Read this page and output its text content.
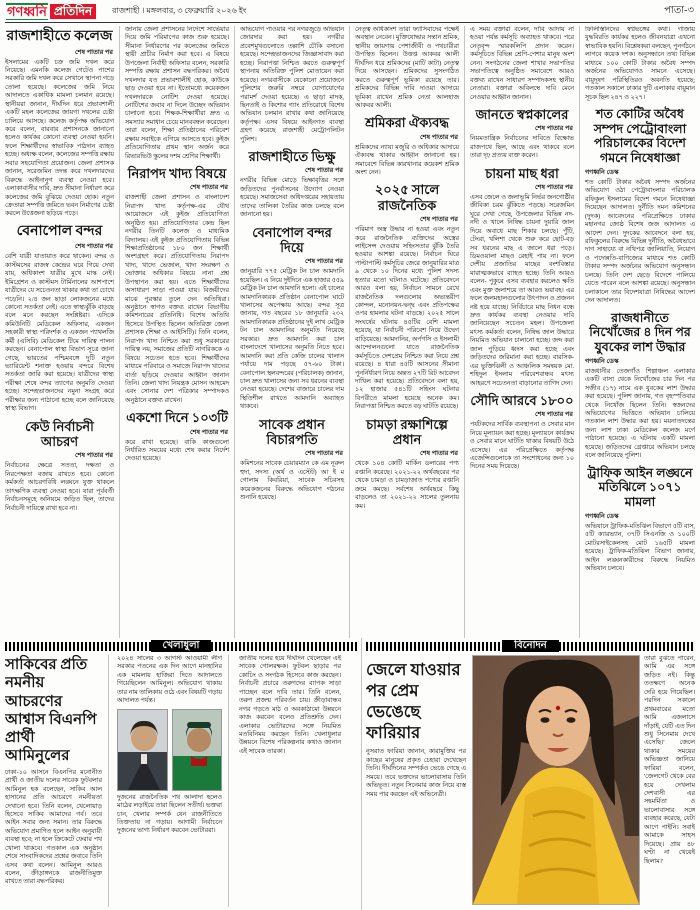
গণধ্বনি প্রতিদিন	রাজশাহী । মঙ্গলবার, ৩ ফেব্রুয়ারি ২০২৬ ইং	পাতা-৩
রাজশাহীতে কলেজ
শেষ পাতার পর

ইসলামের একটি চক্র জমি দখল করে নিয়েছে। এমনকি কলেজ গেটেও পাশের সরকারি জমি দখল করে সেখানে স্থাপনা গড়ে তোলা হয়েছে। কলেজের জমি নিয়ে আদালতে একাধিক মামলা চলমান রয়েছে। স্থানীয়রা জানান, দীর্ঘদিন ধরে প্রভাবশালী একটি মহল কলেজের জায়গা দখলের চেষ্টা চালিয়ে আসছে। কলেজ কর্তৃপক্ষ অভিযোগ করে বলেন, বারবার প্রশাসনকে জানানো হলেও কার্যকর কোনো ব্যবস্থা নেওয়া হয়নি। ফলে শিক্ষার্থীদের স্বাভাবিক পাঠদান ব্যাহত হচ্ছে। অধ্যক্ষ বলেন, কলেজের সম্পত্তি রক্ষায় সবার সহযোগিতা প্রয়োজন। জেলা প্রশাসক জানান, সরেজমিন তদন্ত করে দখলদারদের বিরুদ্ধে আইনানুগ ব্যবস্থা নেওয়া হবে। এলাকাবাসীর দাবি, দ্রুত সীমানা নির্ধারণ করে কলেজের জমি বুঝিয়ে দেওয়া হোক। নতুন ক্রেতারা সম্পত্তি জমিতে ভবন নির্মাণের চেষ্টা করলে উত্তেজনা ছড়িয়ে পড়ে।

বেনাপোল বন্দর
শেষ পাতার পর

বেশি যাত্রী যাতায়াত করে থাকেন। বন্দর ও কাস্টমসের রাজস্ব কেন্দ্রের ঘরে গিয়ে দেখা যায়, অধিকাংশ যাত্রীর মুখে মাস্ক নেই। ইমিগ্রেশন ও কাস্টমস টার্মিনালের আশপাশে যাত্রীদের যে সচেতনতা থাকার কথা তা চোখে পড়েনি। ২/৪ জন ছাড়া লোকজনের মধ্যে কোনো সতর্কতা নেই। এতে স্বাস্থ্যঝুঁকি বাড়ছে বলে মনে করছেন সংশ্লিষ্টরা। এদিকে কমিউনিটি মেডিকেল অফিসার, একজন সহকারী স্বাস্থ্য পরিদর্শক ও একজন প্যাথলজি কর্মী (এসিবি) মেডিকেল টিমে দায়িত্ব পালন করছেন। বেনাপোল স্বাস্থ্য বিভাগ সূত্রে জানা গেছে, ভারতের পশ্চিমবঙ্গে দুটি নতুন ভ্যারিয়েন্ট শনাক্ত হওয়ায় বন্দরে বিশেষ সতর্কতা জারি করা হয়েছে। যাত্রীদের স্বাস্থ্য পরীক্ষা শেষে বন্দর ত্যাগের অনুমতি দেওয়া হচ্ছে। সন্দেহভাজনদের নমুনা সংগ্রহ করে পরীক্ষার জন্য পাঠানো হচ্ছে বলে জানিয়েছে স্বাস্থ্য বিভাগ।

কেউ নির্বাচনী আচরণ
শেষ পাতার পর

নির্বাচনের ক্ষেত্রে সততা, দক্ষতা ও নিরপেক্ষতা বজায় রাখতে হবে। কোনো কর্মকর্তা আচরণবিধি লঙ্ঘনে যুক্ত থাকলে তাৎক্ষণিক ব্যবস্থা নেওয়া হবে। যারা পূর্ববর্তী নির্বাচনসমূহে অনিয়মে জড়িত ছিল, তাদের নির্বাচনী দায়িত্বে রাখা হবে না।

জানায় জেলা প্রশাসনের নির্দেশে সার্ভেয়ার দিয়ে জমি পরিমাপের কাজ শুরু হয়েছে। সীমানা নির্ধারণের পর কলেজের জমিতে স্থায়ী প্রাচীর নির্মাণ করা হবে। এ বিষয়ে উপজেলা নির্বাহী অফিসার বলেন, সরকারি সম্পত্তি রক্ষায় প্রশাসন বদ্ধপরিকর। অবৈধ দখলদার যত প্রভাবশালীই হোক, কাউকে ছাড় দেওয়া হবে না। ইতোমধ্যে কয়েকজন দখলদারকে নোটিশ দেওয়া হয়েছে। নোটিশের জবাব না দিলে উচ্ছেদ অভিযান চালানো হবে। শিক্ষক-শিক্ষার্থীরা দ্রুত এ সমস্যার সমাধান চেয়ে মানববন্ধন করেছেন। তারা বলেন, শিক্ষা প্রতিষ্ঠানের পরিবেশ রক্ষায় সবাইকে এগিয়ে আসতে হবে। কুইজ প্রতিযোগিতায় প্রথম স্থান অর্জন করে রিভারভিউ স্কুলের দশম শ্রেণির শিক্ষার্থী।

নিরাপদ খাদ্য বিষয়ে
শেষ পাতার পর

রাজশাহী জেলা প্রশাসন ও বাংলাদেশ নিরাপদ খাদ্য কর্তৃপক্ষ-এর যৌথ আয়োজনে এই কুইজ প্রতিযোগিতা অনুষ্ঠিত হয়। প্রতিযোগিতার কেন্দ্র ছিল নগরীর তিনটি কলেজ ও মাধ্যমিক বিদ্যালয়। এই কুইজ প্রতিযোগিতায় বিভিন্ন শিক্ষাপ্রতিষ্ঠানের ১৮০ জন শিক্ষার্থী অংশগ্রহণ করে। প্রতিযোগিতায় নিরাপদ খাদ্য, খাদ্যে ভেজাল, খাদ্য সংরক্ষণ ও ভোক্তার অধিকার বিষয়ে নানা প্রশ্ন উপস্থাপন করা হয়। এতে শিক্ষার্থীদের অসাধারণ সাড়া পাওয়া যায়। বিজয়ীদের মাঝে পুরস্কার তুলে দেন অতিথিরা। অনুষ্ঠানে স্বাগত বক্তব্য রাখেন বিভাগীয় কমিশনারের প্রতিনিধি। বিশেষ অতিথি হিসেবে উপস্থিত ছিলেন অতিরিক্ত জেলা প্রশাসক (শিক্ষা ও আইসিটি)। তিনি বলেন, নিরাপদ খাদ্য নিশ্চিত করা শুধু সরকারের দায়িত্ব নয়, সমাজের প্রতিটি নাগরিককে এ বিষয়ে সচেতন হতে হবে। শিক্ষার্থীদের মাধ্যমে পরিবারে ও সমাজে নিরাপদ খাদ্যের বার্তা ছড়িয়ে দেওয়ার আহ্বান জানান তিনি। জেলা খাদ্য নিয়ন্ত্রক মোসন আহমেদ এবং সোনার দেশ পত্রিকার সম্পাদকও অনুষ্ঠানে বক্তব্য রাখেন।

একশো দিনে ১০৩টি
শেষ পাতার পর

করে রাখা হয়েছে। বাকি কাজগুলো নির্ধারিত সময়ের মধ্যে শেষ করার নির্দেশ দেওয়া হয়েছে।

অভিযোগ পাওয়ার পর নগরজুড়ে অভিযান জোরদার করা হয়। নগরীর প্রবেশমুখগুলোতে তল্লাশি চৌকি বসানো হয়েছে। সন্দেহভাজনদের জিজ্ঞাসাবাদ করা হচ্ছে। নিরাপত্তা নিশ্চিত করতে গুরুত্বপূর্ণ স্থাপনায় অতিরিক্ত পুলিশ মোতায়েন করা হয়েছে। নগরবাসীকে যেকোনো প্রয়োজনে পুলিশের জরুরি নম্বরে যোগাযোগের পরামর্শ দেওয়া হয়েছে। এ ছাড়া মাদক, ছিনতাই ও কিশোর গ্যাং প্রতিরোধে বিশেষ অভিযান চলমান রাখার কথা জানিয়েছে কর্তৃপক্ষ। এসব বিষয়ে আইনগত ব্যবস্থা গ্রহণ করেছে রাজশাহী মেট্রোপলিটন পুলিশ।

রাজশাহীতে ভিক্ষু
শেষ পাতার পর

নগরীর বিভিন্ন মোড়ে ভিক্ষাবৃত্তির সঙ্গে জড়িতদের পুনর্বাসনের উদ্যোগ নেওয়া হয়েছে। সমাজসেবা অধিদপ্তরের সহায়তায় তাদের তালিকা তৈরির কাজ চলছে বলে জানানো হয়।

বেনাপোল বন্দর দিয়ে
শেষ পাতার পর

জানুয়ারি ৭৭৫ মেট্রিক টন চাল আমদানি হয়েছিল। এ নিয়ে দুইদিনে এক হাজার ৫৫৯ মেট্রিক টন চাল আমদানি হলো। এই চালের আমদানিকারক প্রতিষ্ঠান বেনাপোল ঘাটে খালাসের অপেক্ষায় আছে। বন্দর সূত্র জানায়, গত বছরের ১৮ জানুয়ারি ২৩২ আমদানিকারক প্রতিষ্ঠানের দুই লাখ মেট্রিক টন চাল আমদানির অনুমতি নিয়েছে সরকার। দ্রুত আমদানি করা চাল বাংলাদেশে খালাসের অনুমতি নিতে হবে। আমদানি করা প্রতি কেজি চালের খালাস পর্যায়ে দাম পড়ছে ৫৭-৬০ টাকা। বেনাপোল স্থলবন্দরের (পরিচালক) জানান, চাল দ্রুত খালাসের জন্য সব ধরনের ব্যবস্থা নেওয়া হয়েছে। দেশের বাজারে চালের দাম স্থিতিশীল রাখতে আমদানি অব্যাহত থাকবে।

সাবেক প্রধান বিচারপতি
শেষ পাতার পর

কমিশনের সাবেক চেয়ারম্যান কে এম নূরুল হুদা, সদস্য (অর্থ ও এস্টেট) আ ই ম গোলাম কিবরিয়া, সাবেক সচিবসহ কয়েকজনের বিরুদ্ধে অভিযোগ গঠনের শুনানি হয়েছে।

নেতৃত্ব অধিকাংশ তারা ফ্যাসিবাদের পক্ষেই অবস্থান নেবেন। মুক্তিযোদ্ধার সন্তান শ্রমিক, স্থানীয় জায়গায় পেশাজীবী ও পথচারীরা উপস্থিত ছিলেন। উত্তপ্ত আকবর আলী দীর্ঘদিন ধরে শ্রমিকদের (মাটি কাটা) নেতৃত্ব দিয়ে আসছেন। শ্রমিকদের সুসংগঠিত করতে গুরুত্বপূর্ণ ভূমিকা রয়েছে তার। শ্রমিকদের বিভিন্ন দাবি দাওয়া আদায়ে ভূমিকা রাখেন শ্রমিক নেতা আলহাজ আকবর আলী।

শ্রমিকরা ঐক্যবদ্ধ
শেষ পাতার পর

শ্রমিকদের ন্যায্য মজুরি ও অধিকার আদায়ে ঐক্যবদ্ধ থাকার আহ্বান জানানো হয়। সমাবেশে বিভিন্ন কারখানার কয়েকশ শ্রমিক অংশ নেন।

২০২৫ সালে রাজনৈতিক
শেষ পাতার পর

পরিমাণ অস্ত্র উদ্ধার না হওয়া এবং নতুন করে রাজনৈতিক ব্যক্তিদের অস্ত্রের লাইসেন্স দেওয়ায় সহিংসতার ঝুঁকি তৈরি হওয়ার আশঙ্কা রয়েছে। নির্বাচন ঘিরে পাল্টাপাল্টি কর্মসূচির জেরে জানুয়ারির মাত্র ৯ থেকে ১০ দিনের মধ্যে পুলিশ সদস্য হত্যার মতো ঘটনাও ঘটেছে। প্রতিবেদনে আরও বলা হয়, নির্বাচন সামনে রেখে রাজনৈতিক দলগুলোর অভ্যন্তরীণ কোন্দল, মনোনয়ন-দ্বন্দ্ব এবং প্রতিপক্ষের ওপর হামলার ঘটনা বাড়ছে। ২০২৫ সালে সংঘর্ষের ঘটনায় ৪৫টির বেশি মামলা হয়েছে, যা নির্বাচনী পরিবেশ নিয়ে উদ্বেগ বাড়িয়েছে। আমদানির, অর্পণসি ও ইসলামী আন্দোলনগুলো যাতে রাজনৈতিক কর্মসূচিতে দেশপ্রেম নিশ্চিত করা নিয়ে প্রশ্ন রয়েছে। ৪ ধারা ৪৫টি আসনের সীমানা পুনর্নির্ধারণ নিয়ে অন্তত ২৭টি রিট আবেদন দাখিল করা হয়েছে। প্রতিবেদনে বলা হয়, ১২ হাজার ৫৪১টি সহিংস ঘটনার বিপরীতে মামলা হয়েছে অনেক কম। নিরাপত্তা নিশ্চিত করতে বড় ঘাটতি রয়েছে।

চামড়া রক্ষাশিল্পে প্রধান
শেষ পাতার পর

থেকে ১০৪ কোটি মার্কিন ডলারের পণ্য রপ্তানি করেছে। ২০২১-২২ অর্থবছরের পর থেকে চামড়া ও চামড়াজাত পণ্যের রপ্তানি ক্রমে কমছে। সর্বশেষ অর্থবছরে কিছু বাড়লেও তা ২০২১-২২ সালের তুলনায় কম।

এ সময় বক্তারা বলেন, দাবি আদায় না হওয়া পর্যন্ত কর্মসূচি অব্যাহত থাকবে। পরে নেতৃবৃন্দ স্মারকলিপি প্রদান করেন। কর্মসূচিতে বিভিন্ন শ্রেণি-পেশার মানুষ অংশ নেন। সংগঠনের জেলা শাখার সভাপতির সভাপতিত্বে অনুষ্ঠিত সমাবেশে আরও বক্তব্য রাখেন সাধারণ সম্পাদকসহ স্থানীয় নেতারা। বক্তারা অবিলম্বে দাবি মেনে নেওয়ার আহ্বান জানান।

জানতে স্বপ্নকালের
শেষ পাতার পর

নিয়মতান্ত্রিক নির্বাচনের দাবিতে বিক্ষোভ রাজপথে ছিল, আছে এবং থাকবে বলে তারা দৃঢ় প্রত্যয় ব্যক্ত করেন।

চায়না মাছ ধরা
শেষ পাতার পর

এসব জেলে ও জলাভূমি নির্ভর জনগোষ্ঠীর জীবিকা চরম ঝুঁকিতে পড়ছে। সরেজমিন ঘুরে দেখা গেছে, উপজেলার বিভিন্ন নদ-নদী ও খালে নিষিদ্ধ চায়না দুয়ারি জাল দিয়ে অবাধে মাছ শিকার চলছে। পুঁটি, টেংরা, খলিশা থেকে শুরু করে ছোট-বড় সব ধরনের মাছ এ জালে ধরা পড়ে। ডিমওয়ালা মাছও রেহাই পায় না। ফলে দেশীয় প্রজাতির মাছের বংশবিস্তার মারাত্মকভাবে ব্যাহত হচ্ছে। তিনি আরও বলেন- পুকুরে এসব ব্যবহার করলেও ক্ষতি এবং মুক্ত জলাশয়ে তা আরও ভয়াবহ। এর ফলে জলমহালগুলোর উৎপাদন ও প্রজনন নষ্ট হয়ে যাচ্ছে। নির্বিচারে মাছ নিধন বন্ধে দ্রুত কার্যকর ব্যবস্থা নেওয়ার দাবি জানিয়েছেন সচেতন মহল। উপজেলা মৎস্য কর্মকর্তা বলেন, নিষিদ্ধ জাল উদ্ধারে নিয়মিত অভিযান চালানো হচ্ছে। জব্দ করা জাল পুড়িয়ে ধ্বংস করা হচ্ছে এবং জড়িতদের জরিমানা করা হচ্ছে। বারসিক-এর ভুক্তিঝিলী ও আঞ্চলিক সমন্বয়ক মো. শহিদুল ইসলাম পরিবেশবান্ধব মৎস্য আহরণে সচেতনতা বাড়ানোর তাগিদ দেন।

সৌদি আরবে ১৮০০
শেষ পাতার পর

পর্যটকদের সার্বিক ব্যবস্থাপনা ও সেবার মান নিয়ে মূল্যায়ন করা হচ্ছে। মূল্যায়নে কার্যক্রম ও সেবার মানে ঘাটতি থাকার বিষয়টি উঠে এসেছে। এর পরিপ্রেক্ষিতে কর্তৃপক্ষ এজেন্সিগুলোকে তা সংশোধনের জন্য ১০ দিনের সময় দিয়েছে।

ফিলিস্তিনিদের স্বপ্নভঙ্গের কথা। গাজায় যুদ্ধবিরতি কার্যকর হলেও জীবনযাত্রা এখনো স্বাভাবিক হয়নি। বিশ্লেষকরা বলছেন, পুনর্গঠনে লাগবে কয়েক দশক। অনুসন্ধানে তথ্য বিভিন্ন মাধ্যমে ১০০ কোটি টাকার অবৈধ সম্পদ অর্জনের অভিযোগও সামনে এসেছে। বায়ুদূষণ পরিস্থিতিরও অবনতি হয়েছে; গতকাল সকালে ঢাকার দুটি এলাকার বায়ুমান সূচক ছিল ২৪৭ ও ২২৭।

শত কোটির অবৈধ সম্পদ পেট্রোবাংলা পরিচালকের বিদেশ গমনে নিষেধাজ্ঞা
গণধ্বনি ডেস্ক

শত কোটি টাকার অবৈধ সম্পদ অর্জনের অভিযোগ ওঠা পেট্রোবাংলার পরিচালক রফিকুল ইসলামের বিদেশ গমনে নিষেধাজ্ঞা দিয়েছেন আদালত। দুর্নীতি দমন কমিশনের (দুদক) আবেদনের পরিপ্রেক্ষিতে ঢাকার মহানগর জ্যেষ্ঠ বিশেষ জজ আদালত এ আদেশ দেন। দুদকের আবেদনে বলা হয়, রফিকুলের বিরুদ্ধে বিভিন্ন দুর্নীতি, অবৈধভাবে দাগ সাহায্যে বা নথিপত্র জালিয়াতি, নিয়োগ ও পদোন্নতি-বাণিজ্যের মাধ্যমে শত কোটি টাকার সম্পদ অর্জনের অভিযোগ অনুসন্ধান চলছে। তিনি দেশ ছেড়ে বিদেশে পালিয়ে যেতে পারেন বলে আশঙ্কা রয়েছে। অনুসন্ধান চলাকালে তার বিদেশযাত্রা নিষিদ্ধের আদেশ দেন আদালত।

রাজধানীতে নিখোঁজের ৪ দিন পর যুবকের লাশ উদ্ধার
গণধ্বনি ডেস্ক

রাজধানীর তেজগাঁও শিল্পাঞ্চল এলাকার একটি বাসা থেকে নিখোঁজের চার দিন পর সজীব (১৭) নামে এক যুবকের লাশ উদ্ধার করা হয়েছে। পুলিশ জানায়, গত বৃহস্পতিবার থেকে নিখোঁজ ছিলেন তিনি। স্বজনদের অভিযোগের ভিত্তিতে অভিযান চালিয়ে গতকাল লাশ উদ্ধার করা হয়। ময়নাতদন্তের জন্য লাশ ঢাকা মেডিকেল কলেজ মর্গে পাঠানো হয়েছে। এ ঘটনায় একটি মামলা হয়েছে। জড়িতদের গ্রেপ্তারে অভিযান চলছে বলে জানিয়েছে পুলিশ।

ট্রাফিক আইন লঙ্ঘনে মতিঝিলে ১০৭১ মামলা
গণধ্বনি ডেস্ক

অভিযানে ট্রাফিক-মতিঝিল বিভাগে ৫টি বাস, ৫টি ক্যারভ্যান, ৩৭টি সিএনজি ও ১০০টি মোটরসাইকেলসহ মোট ১৬৫টি মামলা হয়েছে। ট্রাফিক-মতিঝিল বিভাগ জানায়, আইন লঙ্ঘনকারীদের বিরুদ্ধে নিয়মিত অভিযান চলবে।

খেলাধুলা
সাকিবের প্রতি নমনীয় আচরণের আশ্বাস বিএনপি প্রার্থী আমিনুলের

ঢাকা-১০ আসনে বিএনপির মনোনীত প্রার্থী ও জাতীয় দলের সাবেক ফুটবলার আমিনুল হক বলেছেন, সাকিব আল হাসানের প্রতি আচরণে নমনীয়তা দেখানো হবে। তিনি বলেন, খেলোয়াড় হিসেবে সাকিব আমাদের গর্ব। তবে আইন সবার জন্য সমান। তার বিরুদ্ধে অভিযোগ প্রমাণিত হলে আইন অনুযায়ী ব্যবস্থা হবে; না হলে ক্রিকেটে ফেরার পথ খোলা থাকবে। গতকাল এক অনুষ্ঠান শেষে সাংবাদিকদের প্রশ্নের জবাবে তিনি এসব কথা বলেন। আমিনুল আরও বলেন, ক্রীড়াঙ্গনকে রাজনীতিমুক্ত রাখতে তারা বদ্ধপরিকর।

২০২৪ সালের ৩ আগস্ট আওয়ামী লীগ সরকার পতনের এক দিন আগে মানহানির এক মামলায় হাজিরা দিতে আদালতে গিয়েছিলেন আমিনুল। অভিযোগ থাকায় তার নাম তালিকায় ওঠে এবং বিষয়টি গড়ায় আদালত পর্যন্ত।

দুজনের রাজনৈতিক পথ আলাদা হলেও মাঠের লড়াইয়ে তারা ছিলেন সতীর্থ। ভক্তরা চান, খেলার সম্পর্ক যেন রাজনীতিতে তিক্ততায় না গড়ায়। আগামী নির্বাচনে দুজনের ভাগ্য নির্ধারণ করবেন ভোটাররা।

জাতীয় দলের হয়ে দীর্ঘদিন খেলেছেন এই সাবেক গোলরক্ষক। ফুটবল ছাড়ার পর কোচিং ও সংগঠক হিসেবে কাজ করছেন। নির্বাচনী প্রচারে তরুণদের ব্যাপক সাড়া পাচ্ছেন বলে দাবি তার। তিনি বলেন, তরুণ প্রজন্ম পরিবর্তন চায়। ক্রীড়াবান্ধব নগর গড়তে মাঠ ও অবকাঠামো উন্নয়নে কাজ করবেন বলেও প্রতিশ্রুতি দেন। এলাকার ভোটারদের সঙ্গে নিয়মিত মতবিনিময় করছেন তিনি। খেলাধুলার উন্নয়নে বিশেষ পরিকল্পনার কথাও জানান এই সাবেক তারকা।

বিনোদন
জেলে যাওয়ার পর প্রেম ভেঙেছে ফারিয়ার

নুসরাত ফারিয়া জানান, কারামুক্তির পর কাছের মানুষের প্রকৃত চেহারা দেখেছেন তিনি। দীর্ঘদিনের সম্পর্কও ভেঙে গেছে এ সময়ে। তবে ভক্তদের ভালোবাসায় তিনি অভিভূত। নতুন সিনেমার কাজ নিয়ে ব্যস্ত সময় পার করছেন এই অভিনেত্রী।

তারা বুঝতে পারেন, আমি এর সঙ্গে জড়িত নই। কিন্তু ততক্ষণে অনেক দেরি হয়ে গিয়েছিল। পরদিন সকালে প্রথমবারের মতো আমি এজলাসে দাঁড়াই, যেটি এত দিন শুধু সিনেমায় দেখে এসেছি।' জেলে থাকার সময়ের অভিজ্ঞতা জানিয়ে ফারিয়া বলেন, 'জেলগেট থেকে বের হয়ে দেখলাম দেশবাসী এর সহমর্মিতা ও ভালোবাসার সঙ্গে ব্যবহার করেছে, যেটা আগে পাইনি। সবাই আমাকে সাহস দিয়েছে। প্রায় ৪৮ ঘণ্টা না খেয়েই ছিলাম।'
